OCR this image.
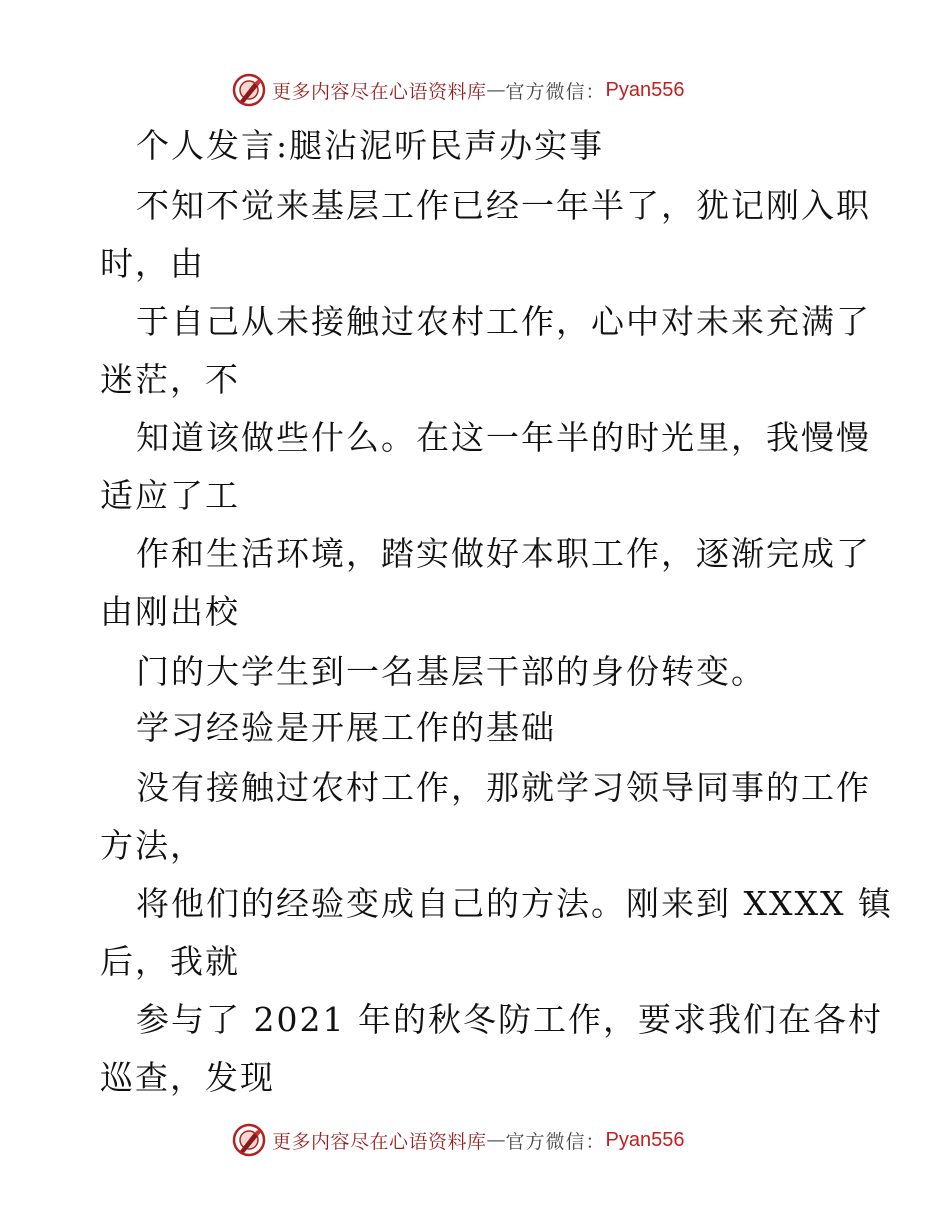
更多内容尽在心语资料库 — 官方微信： Pyan556
个人发言:腿沾泥听民声办实事
不知不觉来基层工作已经一年半了，犹记刚入职
时，由
于自己从未接触过农村工作，心中对未来充满了
迷茫，不
知道该做些什么。在这一年半的时光里，我慢慢
适应了工
作和生活环境，踏实做好本职工作，逐渐完成了
由刚出校
门的大学生到一名基层干部的身份转变。
学习经验是开展工作的基础
没有接触过农村工作，那就学习领导同事的工作
方法，
将他们的经验变成自己的方法。刚来到 XXXX 镇
后，我就
参与了 2021 年的秋冬防工作，要求我们在各村
巡查，发现
更多内容尽在心语资料库 — 官方微信： Pyan556
